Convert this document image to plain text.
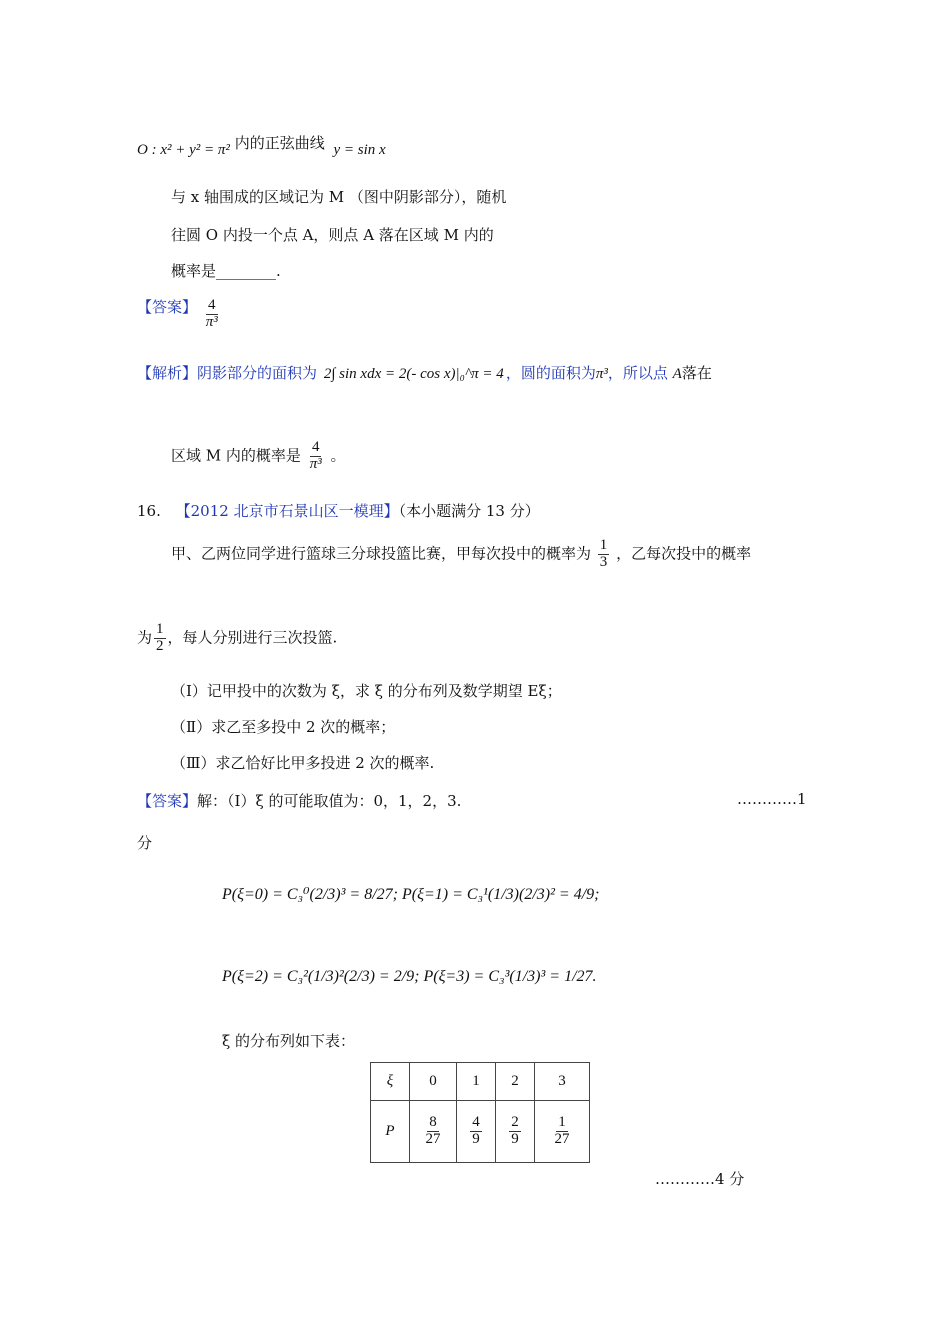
O : x² + y² = π² 内的正弦曲线 y = sin x
与 x 轴围成的区域记为 M （图中阴影部分），随机
往圆 O 内投一个点 A，则点 A 落在区域 M 内的
概率是________.
【答案】 $\frac{4}{\text{π³}}$
【解析】阴影部分的面积为 2∫ sin xdx = 2(- cos x)|₀^π = 4 ，圆的面积为π³，所以点 A落在
区域 M 内的概率是 $\frac{4}{\text{π³}}$ 。
16. 【2012 北京市石景山区一模理】（本小题满分 13 分）
甲、乙两位同学进行篮球三分球投篮比赛，甲每次投中的概率为 $\frac{1}{3}$ ，乙每次投中的概率
为 $\frac{1}{2}$ ，每人分别进行三次投篮.
（Ⅰ）记甲投中的次数为 ξ，求 ξ 的分布列及数学期望 Eξ；
（Ⅱ）求乙至多投中 2 次的概率；
（Ⅲ）求乙恰好比甲多投进 2 次的概率.
【答案】解：（Ⅰ）ξ 的可能取值为：0，1，2，3.	…………1
分
P(ξ=0) = C₃⁰(2/3)³ = 8/27; P(ξ=1) = C₃¹(1/3)(2/3)² = 4/9;
P(ξ=2) = C₃²(1/3)²(2/3) = 2/9; P(ξ=3) = C₃³(1/3)³ = 1/27.
ξ 的分布列如下表：
ξ	0	1	2	3
P	$\frac{8}{27}$	$\frac{4}{9}$	$\frac{2}{9}$	$\frac{1}{27}$
…………4 分
